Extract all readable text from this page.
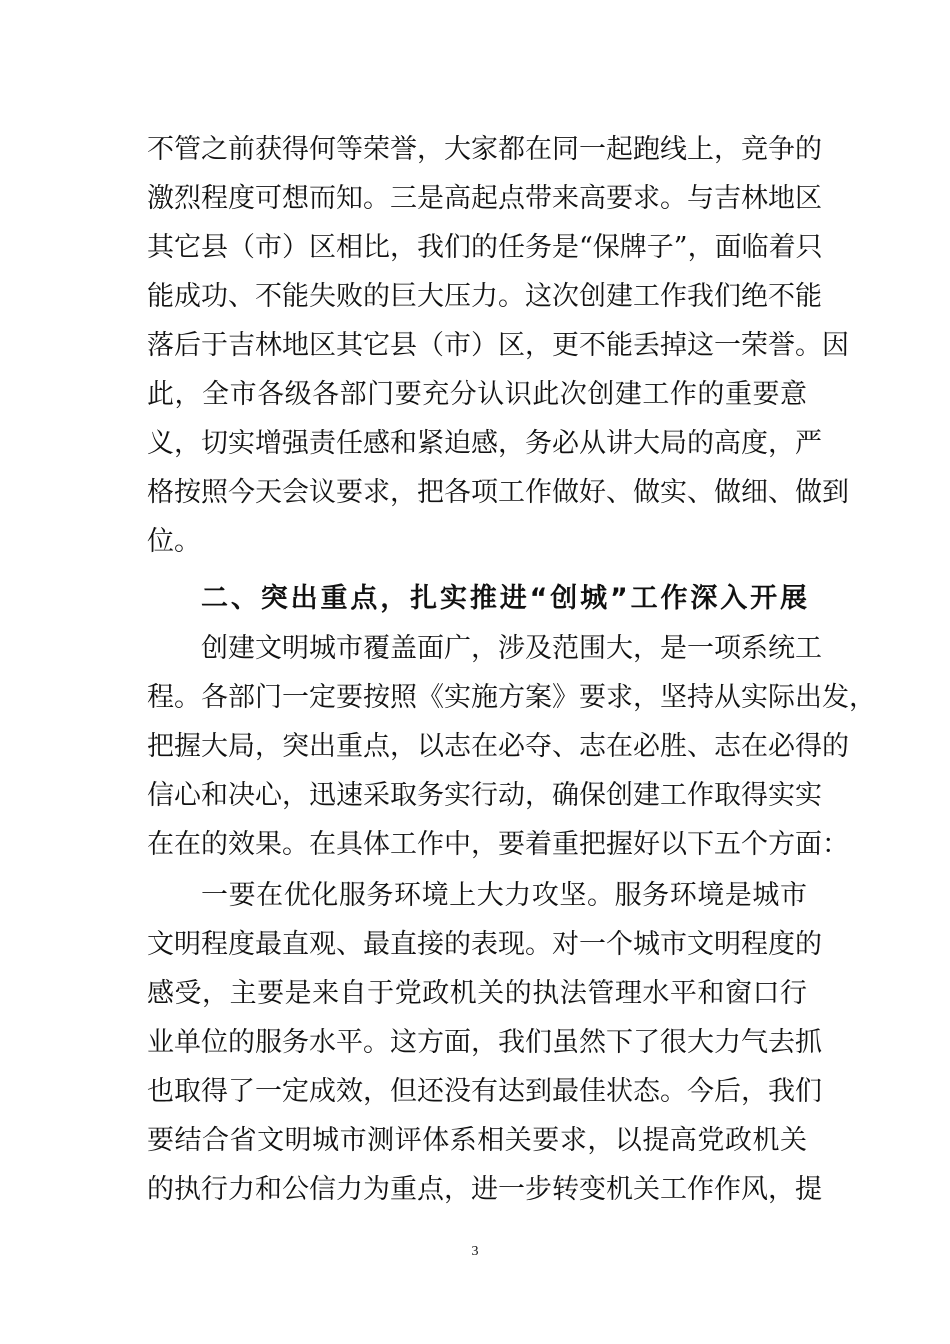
不管之前获得何等荣誉，大家都在同一起跑线上，竞争的
激烈程度可想而知。三是高起点带来高要求。与吉林地区
其它县（市）区相比，我们的任务是“保牌子”，面临着只
能成功、不能失败的巨大压力。这次创建工作我们绝不能
落后于吉林地区其它县（市）区，更不能丢掉这一荣誉。因
此，全市各级各部门要充分认识此次创建工作的重要意
义，切实增强责任感和紧迫感，务必从讲大局的高度，严
格按照今天会议要求，把各项工作做好、做实、做细、做到
位。
二、突出重点，扎实推进“创城”工作深入开展
创建文明城市覆盖面广，涉及范围大，是一项系统工
程。各部门一定要按照《实施方案》要求，坚持从实际出发，
把握大局，突出重点，以志在必夺、志在必胜、志在必得的
信心和决心，迅速采取务实行动，确保创建工作取得实实
在在的效果。在具体工作中，要着重把握好以下五个方面：
一要在优化服务环境上大力攻坚。服务环境是城市
文明程度最直观、最直接的表现。对一个城市文明程度的
感受，主要是来自于党政机关的执法管理水平和窗口行
业单位的服务水平。这方面，我们虽然下了很大力气去抓
也取得了一定成效，但还没有达到最佳状态。今后，我们
要结合省文明城市测评体系相关要求，以提高党政机关
的执行力和公信力为重点，进一步转变机关工作作风，提
3
